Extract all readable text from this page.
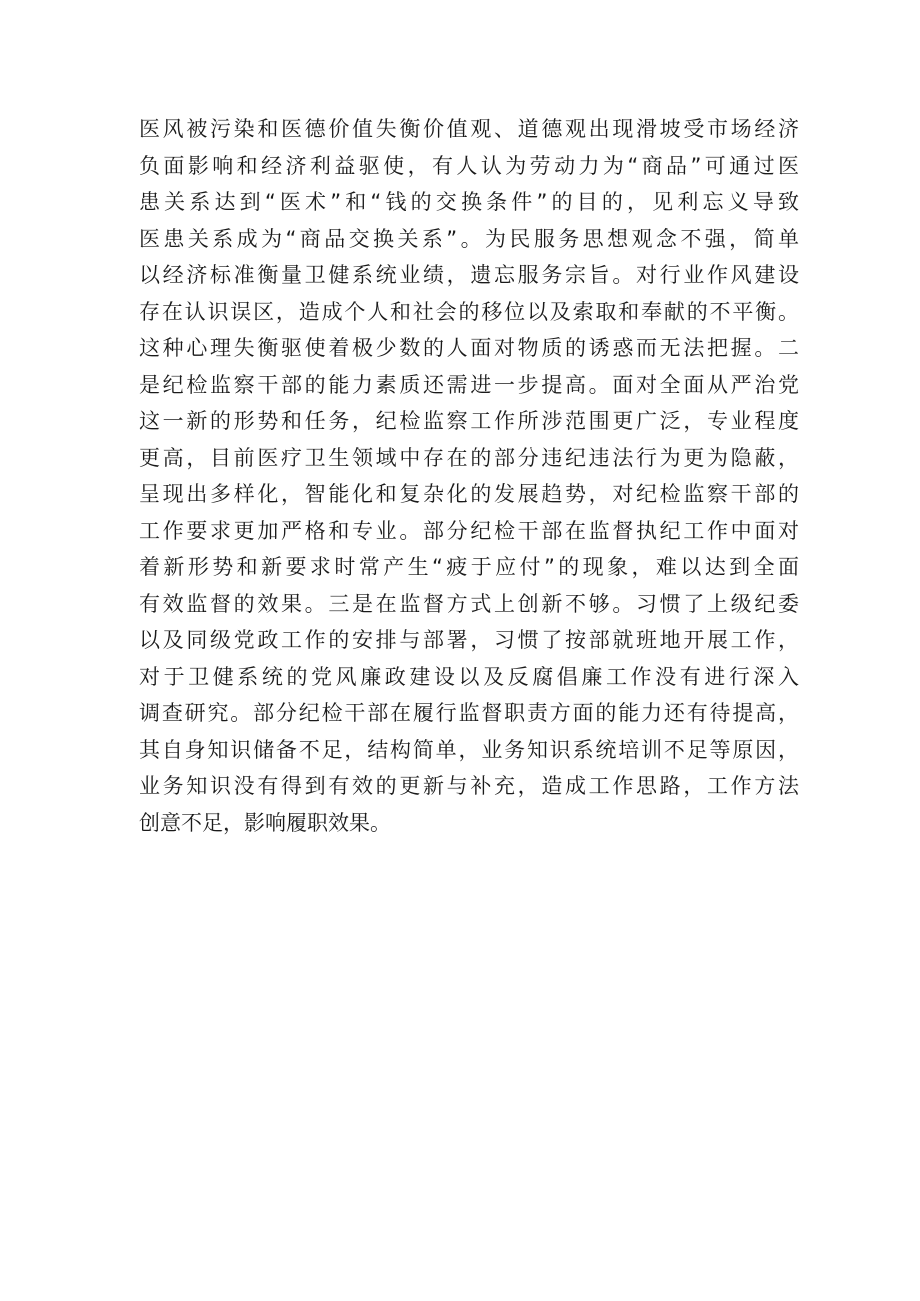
医风被污染和医德价值失衡价值观、道德观出现滑坡受市场经济
负面影响和经济利益驱使，有人认为劳动力为“商品”可通过医
患关系达到“医术”和“钱的交换条件”的目的，见利忘义导致
医患关系成为“商品交换关系”。为民服务思想观念不强，简单
以经济标准衡量卫健系统业绩，遗忘服务宗旨。对行业作风建设
存在认识误区，造成个人和社会的移位以及索取和奉献的不平衡。
这种心理失衡驱使着极少数的人面对物质的诱惑而无法把握。二
是纪检监察干部的能力素质还需进一步提高。面对全面从严治党
这一新的形势和任务，纪检监察工作所涉范围更广泛，专业程度
更高，目前医疗卫生领域中存在的部分违纪违法行为更为隐蔽，
呈现出多样化，智能化和复杂化的发展趋势，对纪检监察干部的
工作要求更加严格和专业。部分纪检干部在监督执纪工作中面对
着新形势和新要求时常产生“疲于应付”的现象，难以达到全面
有效监督的效果。三是在监督方式上创新不够。习惯了上级纪委
以及同级党政工作的安排与部署，习惯了按部就班地开展工作，
对于卫健系统的党风廉政建设以及反腐倡廉工作没有进行深入
调查研究。部分纪检干部在履行监督职责方面的能力还有待提高，
其自身知识储备不足，结构简单，业务知识系统培训不足等原因，
业务知识没有得到有效的更新与补充，造成工作思路，工作方法
创意不足，影响履职效果。
